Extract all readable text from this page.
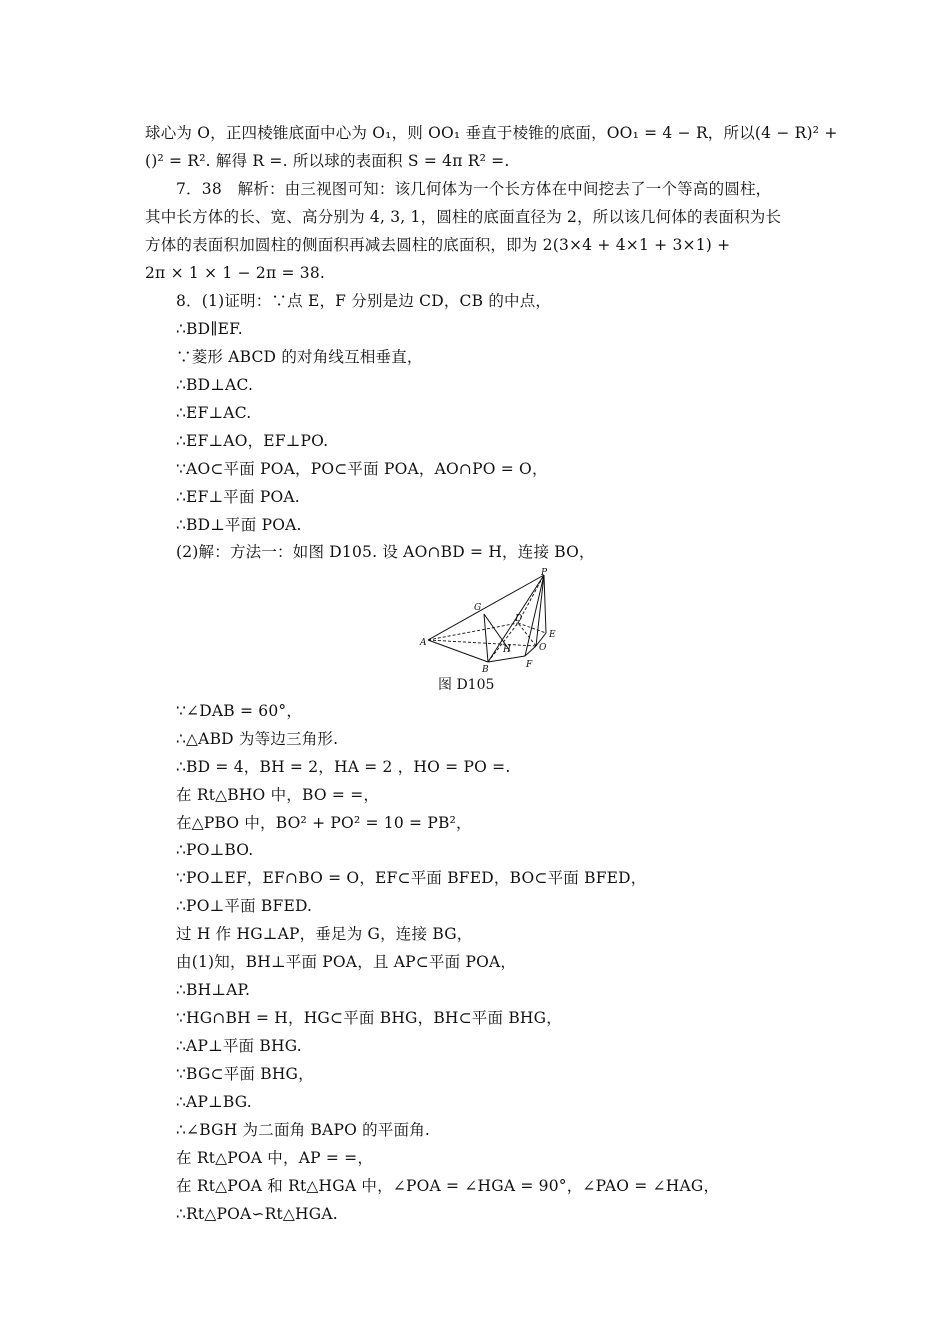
球心为 O，正四棱锥底面中心为 O₁，则 OO₁ 垂直于棱锥的底面，OO₁ = 4 − R，所以(4 − R)² +
()² = R². 解得 R =. 所以球的表面积 S = 4π R² =.
7．38　解析：由三视图可知：该几何体为一个长方体在中间挖去了一个等高的圆柱，
其中长方体的长、宽、高分别为 4, 3, 1，圆柱的底面直径为 2，所以该几何体的表面积为长
方体的表面积加圆柱的侧面积再减去圆柱的底面积，即为 2(3×4 + 4×1 + 3×1) +
2π × 1 × 1 − 2π = 38.
8．(1)证明：∵点 E，F 分别是边 CD，CB 的中点，
∴BD∥EF.
∵菱形 ABCD 的对角线互相垂直，
∴BD⊥AC.
∴EF⊥AC.
∴EF⊥AO，EF⊥PO.
∵AO⊂平面 POA，PO⊂平面 POA，AO∩PO = O，
∴EF⊥平面 POA.
∴BD⊥平面 POA.
(2)解：方法一：如图 D105. 设 AO∩BD = H，连接 BO，
P
G
A
D
H
E
O
B	F
图 D105
∵∠DAB = 60°，
∴△ABD 为等边三角形.
∴BD = 4，BH = 2，HA = 2 ，HO = PO =.
在 Rt△BHO 中，BO = =，
在△PBO 中，BO² + PO² = 10 = PB²，
∴PO⊥BO.
∵PO⊥EF，EF∩BO = O，EF⊂平面 BFED，BO⊂平面 BFED，
∴PO⊥平面 BFED.
过 H 作 HG⊥AP，垂足为 G，连接 BG，
由(1)知，BH⊥平面 POA，且 AP⊂平面 POA，
∴BH⊥AP.
∵HG∩BH = H，HG⊂平面 BHG，BH⊂平面 BHG，
∴AP⊥平面 BHG.
∵BG⊂平面 BHG，
∴AP⊥BG.
∴∠BGH 为二面角 BAPO 的平面角.
在 Rt△POA 中，AP = =，
在 Rt△POA 和 Rt△HGA 中，∠POA = ∠HGA = 90°，∠PAO = ∠HAG，
∴Rt△POA∽Rt△HGA.
